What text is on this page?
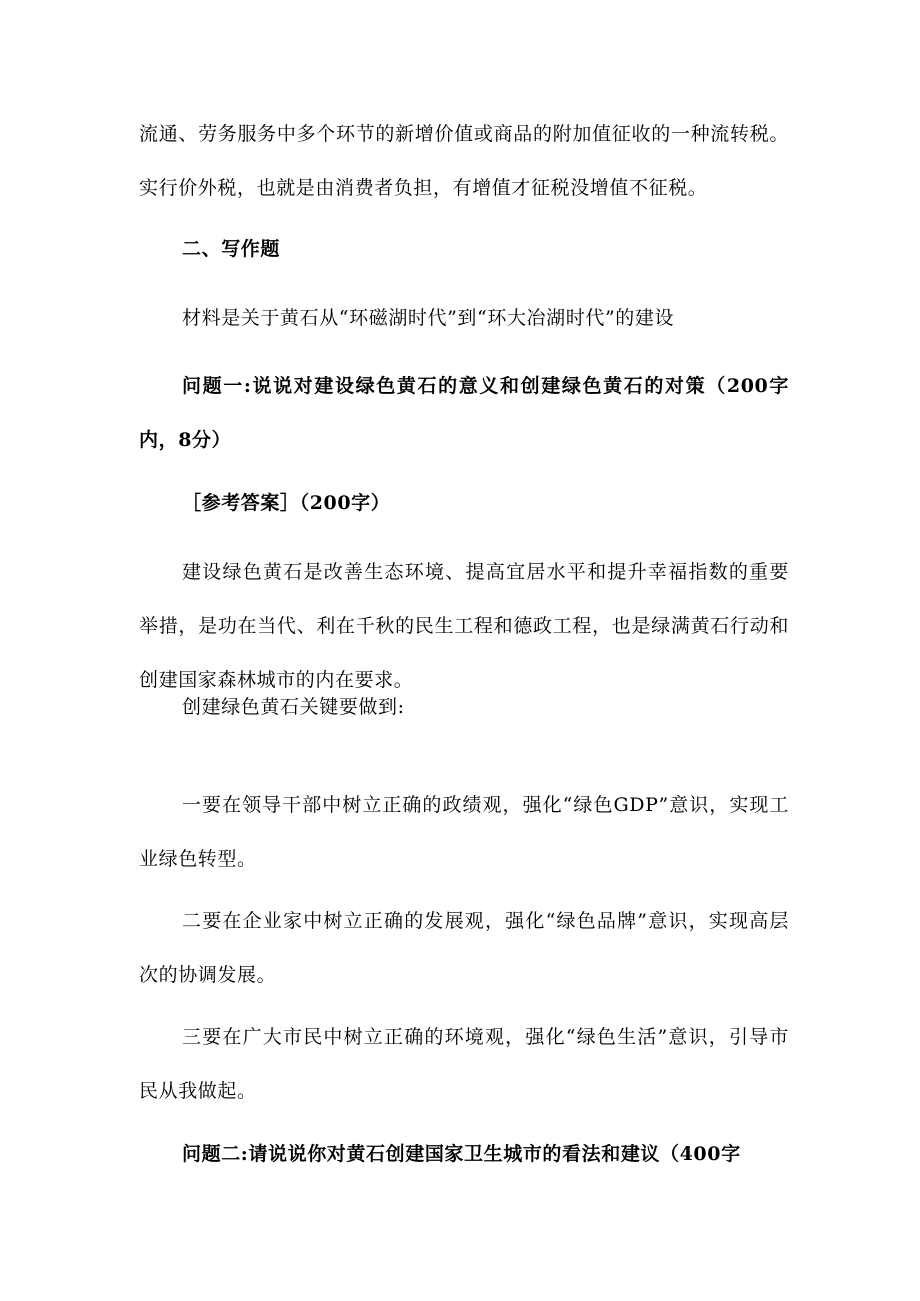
流通、劳务服务中多个环节的新增价值或商品的附加值征收的一种流转税。实行价外税，也就是由消费者负担，有增值才征税没增值不征税。

二、写作题

材料是关于黄石从“环磁湖时代”到“环大冶湖时代”的建设

问题一:说说对建设绿色黄石的意义和创建绿色黄石的对策（200字内，8分）

［参考答案］（200字）

建设绿色黄石是改善生态环境、提高宜居水平和提升幸福指数的重要举措，是功在当代、利在千秋的民生工程和德政工程，也是绿满黄石行动和创建国家森林城市的内在要求。

创建绿色黄石关键要做到:

一要在领导干部中树立正确的政绩观，强化“绿色GDP”意识，实现工业绿色转型。

二要在企业家中树立正确的发展观，强化“绿色品牌”意识，实现高层次的协调发展。

三要在广大市民中树立正确的环境观，强化“绿色生活”意识，引导市民从我做起。

问题二:请说说你对黄石创建国家卫生城市的看法和建议（400字
